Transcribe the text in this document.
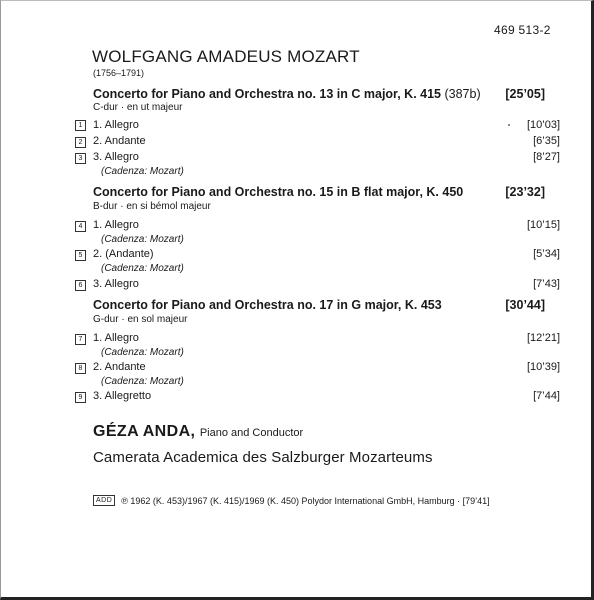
469 513-2
WOLFGANG AMADEUS MOZART
(1756–1791)
Concerto for Piano and Orchestra no. 13 in C major, K. 415 (387b) [25’05]
C-dur · en ut majeur
1 1. Allegro	[10’03]
2 2. Andante	[6’35]
3 3. Allegro	[8’27]
(Cadenza: Mozart)
Concerto for Piano and Orchestra no. 15 in B flat major, K. 450	[23’32]
B-dur · en si bémol majeur
4 1. Allegro	[10’15]
(Cadenza: Mozart)
5 2. (Andante)	[5’34]
(Cadenza: Mozart)
6 3. Allegro	[7’43]
Concerto for Piano and Orchestra no. 17 in G major, K. 453	[30’44]
G-dur · en sol majeur
7 1. Allegro	[12’21]
(Cadenza: Mozart)
8 2. Andante	[10’39]
(Cadenza: Mozart)
9 3. Allegretto	[7’44]
GÉZA ANDA, Piano and Conductor
Camerata Academica des Salzburger Mozarteums
ADD	℗ 1962 (K. 453)/1967 (K. 415)/1969 (K. 450) Polydor International GmbH, Hamburg · [79’41]
